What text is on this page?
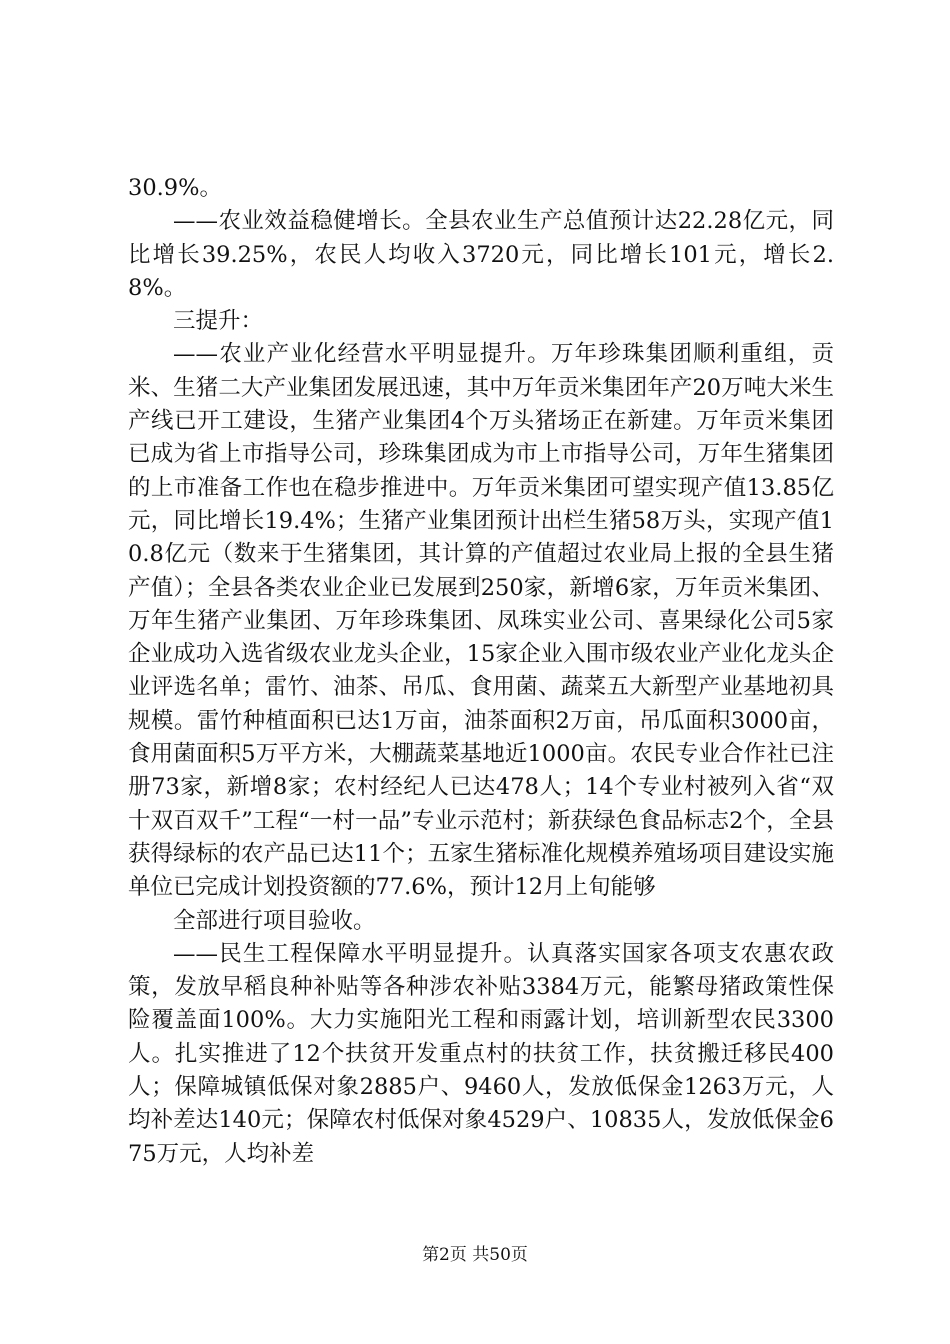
30.9%。

——农业效益稳健增长。全县农业生产总值预计达22.28亿元，同比增长39.25%，农民人均收入3720元，同比增长101元，增长2.8%。

三提升：

——农业产业化经营水平明显提升。万年珍珠集团顺利重组，贡米、生猪二大产业集团发展迅速，其中万年贡米集团年产20万吨大米生产线已开工建设，生猪产业集团4个万头猪场正在新建。万年贡米集团已成为省上市指导公司，珍珠集团成为市上市指导公司，万年生猪集团的上市准备工作也在稳步推进中。万年贡米集团可望实现产值13.85亿元，同比增长19.4%；生猪产业集团预计出栏生猪58万头，实现产值10.8亿元（数来于生猪集团，其计算的产值超过农业局上报的全县生猪产值）；全县各类农业企业已发展到250家，新增6家，万年贡米集团、万年生猪产业集团、万年珍珠集团、凤珠实业公司、喜果绿化公司5家企业成功入选省级农业龙头企业，15家企业入围市级农业产业化龙头企业评选名单；雷竹、油茶、吊瓜、食用菌、蔬菜五大新型产业基地初具规模。雷竹种植面积已达1万亩，油茶面积2万亩，吊瓜面积3000亩，食用菌面积5万平方米，大棚蔬菜基地近1000亩。农民专业合作社已注册73家，新增8家；农村经纪人已达478人；14个专业村被列入省“双十双百双千”工程“一村一品”专业示范村；新获绿色食品标志2个，全县获得绿标的农产品已达11个；五家生猪标准化规模养殖场项目建设实施单位已完成计划投资额的77.6%，预计12月上旬能够

全部进行项目验收。

——民生工程保障水平明显提升。认真落实国家各项支农惠农政策，发放早稻良种补贴等各种涉农补贴3384万元，能繁母猪政策性保险覆盖面100%。大力实施阳光工程和雨露计划，培训新型农民3300人。扎实推进了12个扶贫开发重点村的扶贫工作，扶贫搬迁移民400人；保障城镇低保对象2885户、9460人，发放低保金1263万元，人均补差达140元；保障农村低保对象4529户、10835人，发放低保金675万元，人均补差

第2页 共50页
